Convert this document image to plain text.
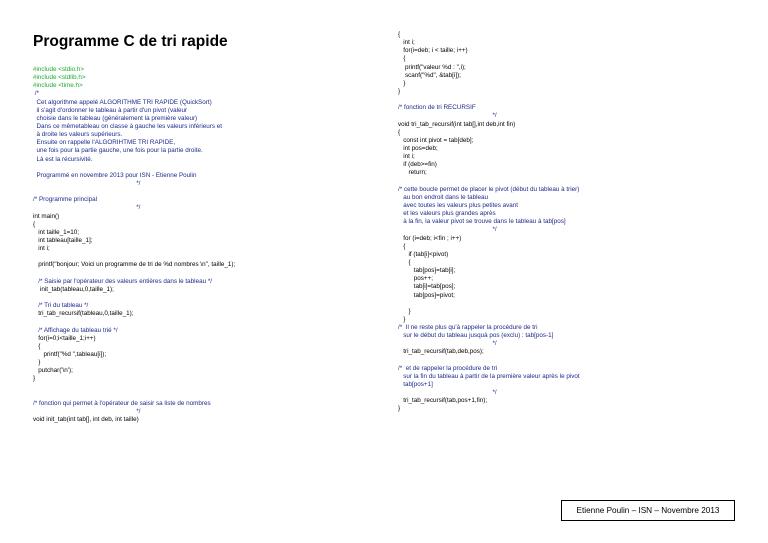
Programme C de tri rapide
#include <stdio.h>
#include <stdlib.h>
#include <time.h>
/*
Cet algorithme appelé ALGORITHME TRI RAPIDE (QuickSort)
il s'agit d'ordonner le tableau à partir d'un pivot (valeur
choisie dans le tableau (généralement la première valeur)
Dans ce mêmetableau on classe à gauche les valeurs inférieurs et
à droite les valeurs supérieurs.
Ensuite on rappelle l'ALGORIHTME TRI RAPIDE,
une fois pour la partie gauche, une fois pour la partie droite.
Là est la récursivité.
Programmé en novembre 2013 pour ISN - Etienne Poulin
*/
/* Programme principal
*/
int main()
{
int taille_1=10;
int tableau[taille_1];
int i;
printf("bonjour; Voici un programme de tri de %d nombres \n", taille_1);
/* Saisie par l'opérateur des valeurs entières dans le tableau */
init_tab(tableau,0,taille_1);
/* Tri du tableau */
tri_tab_recursif(tableau,0,taille_1);
/* Affichage du tableau trié */
for(i=0;i<taille_1;i++)
{
printf("%d ",tableau[i]);
}
putchar('\n');
}
/* fonction qui permet à l'opérateur de saisir sa liste de nombres
*/
void init_tab(int tab[], int deb, int taille)
{
int i;
for(i=deb; i < taille; i++)
{
printf("valeur %d : ",i);
scanf("%d", &tab[i]);
}
}
/* fonction de tri RECURSIF
*/
void tri_tab_recursif(int tab[],int deb,int fin)
{
const int pivot = tab[deb];
int pos=deb;
int i;
if (deb>=fin)
return;
/* cette boucle permet de placer le pivot (début du tableau à trier)
au bon endroit dans le tableau
avec toutes les valeurs plus petites avant
et les valeurs plus grandes après
à la fin, la valeur pivot se trouve dans le tableau à tab[pos]
*/
for (i=deb; i<fin ; i++)
{
if (tab[i]<pivot)
{
tab[pos]=tab[i];
pos++;
tab[i]=tab[pos];
tab[pos]=pivot;
}
}
/*  Il ne reste plus qu'à rappeler la procédure de tri
sur le début du tableau jusquà pos (exclu) : tab[pos-1]
*/
tri_tab_recursif(tab,deb,pos);
/*  et de rappeler la procédure de tri
sur la fin du tableau à partir de la première valeur après le pivot
tab[pos+1]
*/
tri_tab_recursif(tab,pos+1,fin);
}
Etienne Poulin – ISN – Novembre 2013
